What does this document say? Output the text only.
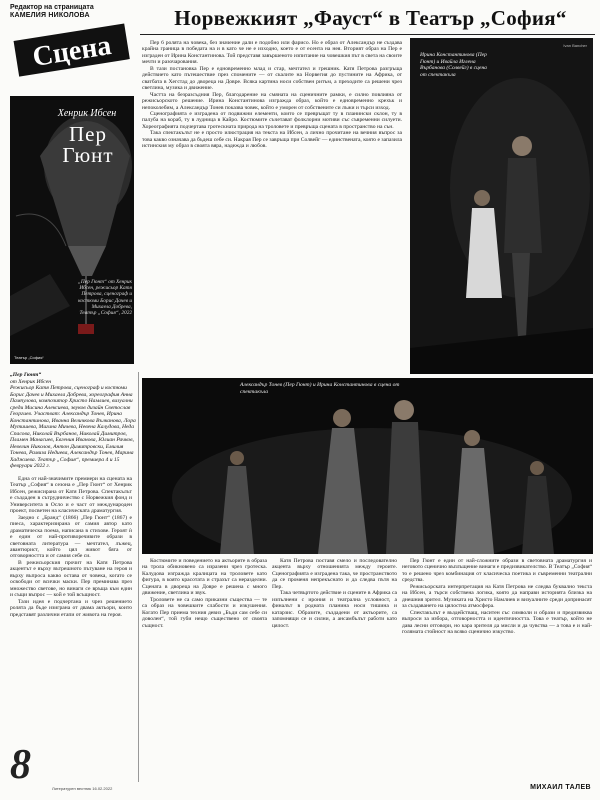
Редактор на страницата
КАМЕЛИЯ НИКОЛОВА
Сцена
Норвежкият „Фауст“ в Театър „София“
Хенрик Ибсен
Пер
Гюнт
„Пер Гюнт“ от Хенрик Ибсен, режисьор Катя Петрова, сценограф и костюми Борис Дачев и Михаела Добрева, Театър „София“, 2022
Театър „София“

Пер 6 ролята на човека, без значение дали е подобно или фарисо. Но е образ от Александър не създава крайна граница в победата на и в като че не е изходно, което е от есента на нея. Вторият образ на Пер е изграден от Ирина Константинова. Той представя завършеното изпитание на човешкия път в света на своите мечти и разочарования.

В тази постановка Пер е едновременно млад и стар, мечтател и грешник. Катя Петрова разгръща действието като пътешествие през спомените — от скалите на Норвегия до пустините на Африка, от сватбата в Хегстад до двореца на Довре. Всяка картина носи собствен ритъм, а преходите са решени чрез светлина, музика и движение.

Частта на безразсъдния Пер, благодарение на смяната на сценичните рамки, е силно повлияна от режисьорското решение. Ирина Константинова изгражда образ, който е едновременно крехък и непоколебим, а Александър Тонев показва човек, който е уморен от собствените си лъжи и търси изход.

Сценографията е изградена от подвижни елементи, които се превръщат ту в планински склон, ту в палуба на кораб, ту в лудница в Кайро. Костюмите съчетават фолклорни мотиви със съвременни силуети. Хореографията подчертава гротескната природа на троловете и превръща сцената в пространство на сън.

Така спектакълът не е просто илюстрация на текста на Ибсен, а лично прочитане на вечния въпрос за това какво означава да бъдеш себе си. Накрая Пер се завръща при Солвейг — единствената, която е запазила истинския му образ в своята вяра, надежда и любов.

Ivan Bancher
Ирина Константинова (Пер Гюнт) и Ивайла Иглена Върбанова (Солвейг) в сцена от спектакъла
„Пер Гюнт“
от Хенрик Ибсен
Режисьор Катя Петрова, сценограф и костюми Борис Дачев и Михаела Добрева, хореография Анна Пампулова, композитор Христо Намлиев, визуални среди Мисина Алексиева, звуков дизайн Светослав Георгиев. Участват: Александър Тонев, Ирина Константинова, Иванна Величкова Вълканова, Лора Мутишева, Мигина Мичева, Невена Калудова, Неда Спасова, Николай Върбанов, Николай Димитров, Пламен Манасиев, Евгения Иванова, Юлиан Рачков, Невелин Николов, Антон Димитровски, Емилия Тонева, Рамиза Недиева, Александър Тонев, Марина Хаджиева. Театър „София“, премиера 4 и 15 февруари 2022 г.
Александър Тонев (Пер Гюнт) и Ирина Константинова в сцена от спектакъла

Една от най-значимите премиери на сцената на Театър „София“ в сезона е „Пер Гюнт“ от Хенрик Ибсен, режисирана от Катя Петрова. Спектакълът е създаден в сътрудничество с Норвежкия фонд и Университета в Осло и е част от международен проект, посветен на класическата драматургия.

Заедно с „Бранд“ (1866) „Пер Гюнт“ (1867) е пиеса, характеризирана от самия автор като драматическа поема, написана в стихове. Героят ѝ е един от най-противоречивите образи в световната литература — мечтател, лъжец, авантюрист, който цял живот бяга от отговорността и от самия себе си.

В режисьорския прочит на Катя Петрова акцентът е върху вътрешното пътуване на героя и върху въпроса какво остава от човека, когато се освободи от всички маски. Пер преминава през множество светове, но винаги се връща към един и същи въпрос — кой е той всъщност.

Тази идея е подчертана и чрез решението ролята да бъде изиграна от двама актьори, които представят различни етапи от живота на героя.

Костюмите и поведението на актьорите в образа на трола обикновено са изразени чрез гротеска. Калудова изгражда кралицата на троловете като фигура, в която красотата и страхът са неразделни. Сцената в двореца на Довре е решена с много движение, светлина и звук.

Троловете не са само приказни същества — те са образ на човешките слабости и изкушения. Когато Пер приема техния девиз „Бъди сам себе си доволен“, той губи нещо съществено от своята същност.

Катя Петрова поставя смело и последователно акцента върху отношенията между героите. Сценографията е изградена така, че пространството да се променя непрекъснато и да следва пътя на Пер.

Така четвъртото действие и сцените в Африка са изпълнени с ирония и театрална условност, а финалът в родната планина носи тишина и катарзис. Образите, създадени от актьорите, са запомнящи се и силни, а ансамбълът работи като цялост.

Пер Гюнт е един от най-сложните образи в световната драматургия и неговото сценично въплъщение винаги е предизвикателство. В Театър „София“ то е решено чрез комбинация от класическа поетика и съвременни театрални средства.

Режисьорската интерпретация на Катя Петрова не следва буквално текста на Ибсен, а търси собствена логика, която да направи историята близка на днешния зрител. Музиката на Христо Намлиев и визуалните среди допринасят за създаването на цялостна атмосфера.

Спектакълът е въздействащ, наситен със символи и образи и предизвиква въпроси за избора, отговорността и идентичността. Това е театър, който не дава лесни отговори, но кара зрителя да мисли и да чувства — а това е и най-голямата стойност на всяко сценично изкуство.

8
Литературен вестник 16.02.2022	МИХАИЛ ТАЛЕВ
